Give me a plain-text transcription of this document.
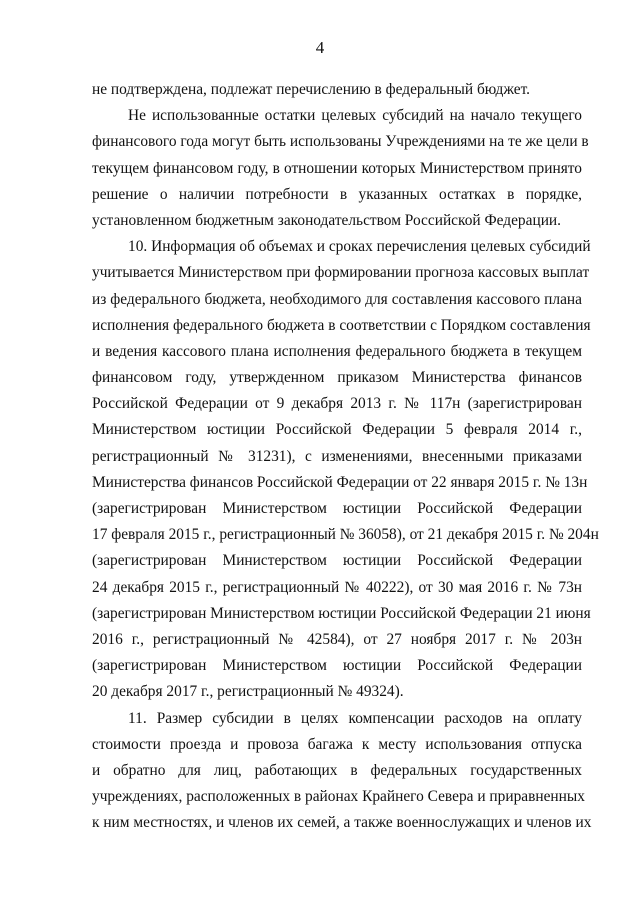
4
не подтверждена, подлежат перечислению в федеральный бюджет.
Не использованные остатки целевых субсидий на начало текущего
финансового года могут быть использованы Учреждениями на те же цели в
текущем финансовом году, в отношении которых Министерством принято
решение о наличии потребности в указанных остатках в порядке,
установленном бюджетным законодательством Российской Федерации.
10. Информация об объемах и сроках перечисления целевых субсидий
учитывается Министерством при формировании прогноза кассовых выплат
из федерального бюджета, необходимого для составления кассового плана
исполнения федерального бюджета в соответствии с Порядком составления
и ведения кассового плана исполнения федерального бюджета в текущем
финансовом году, утвержденном приказом Министерства финансов
Российской Федерации от 9 декабря 2013 г. № 117н (зарегистрирован
Министерством юстиции Российской Федерации 5 февраля 2014 г.,
регистрационный № 31231), с изменениями, внесенными приказами
Министерства финансов Российской Федерации от 22 января 2015 г. № 13н
(зарегистрирован Министерством юстиции Российской Федерации
17 февраля 2015 г., регистрационный № 36058), от 21 декабря 2015 г. № 204н
(зарегистрирован Министерством юстиции Российской Федерации
24 декабря 2015 г., регистрационный № 40222), от 30 мая 2016 г. № 73н
(зарегистрирован Министерством юстиции Российской Федерации 21 июня
2016 г., регистрационный № 42584), от 27 ноября 2017 г. № 203н
(зарегистрирован Министерством юстиции Российской Федерации
20 декабря 2017 г., регистрационный № 49324).
11. Размер субсидии в целях компенсации расходов на оплату
стоимости проезда и провоза багажа к месту использования отпуска
и обратно для лиц, работающих в федеральных государственных
учреждениях, расположенных в районах Крайнего Севера и приравненных
к ним местностях, и членов их семей, а также военнослужащих и членов их
